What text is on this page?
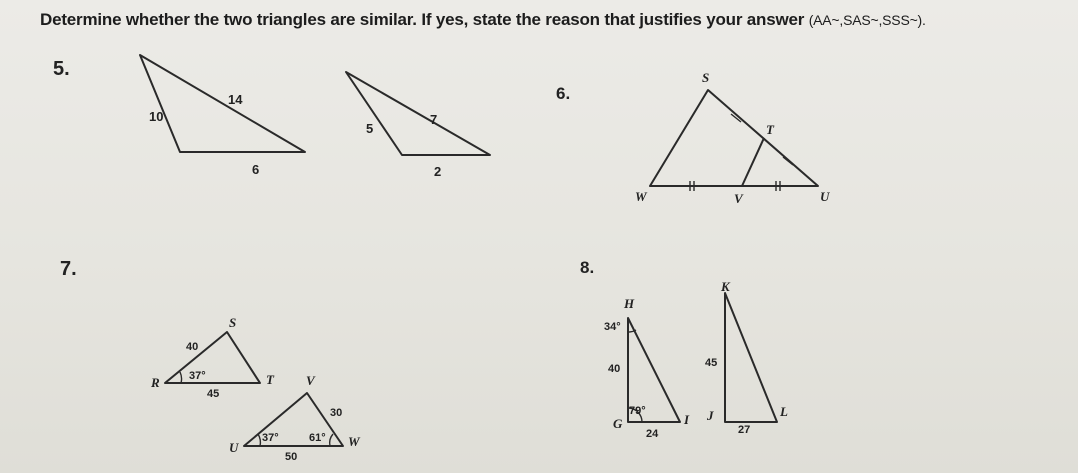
Determine whether the two triangles are similar. If yes, state the reason that justifies your answer (AA~,SAS~,SSS~).
5.
6.
7.	8.
10
14
6
5
7
2
S
T
W	V	U
S
R	T
40
45
37°	V
U	W
30
50
37°	61°
H
G	I
34°
40
79°
24
K
J	L
45
27
